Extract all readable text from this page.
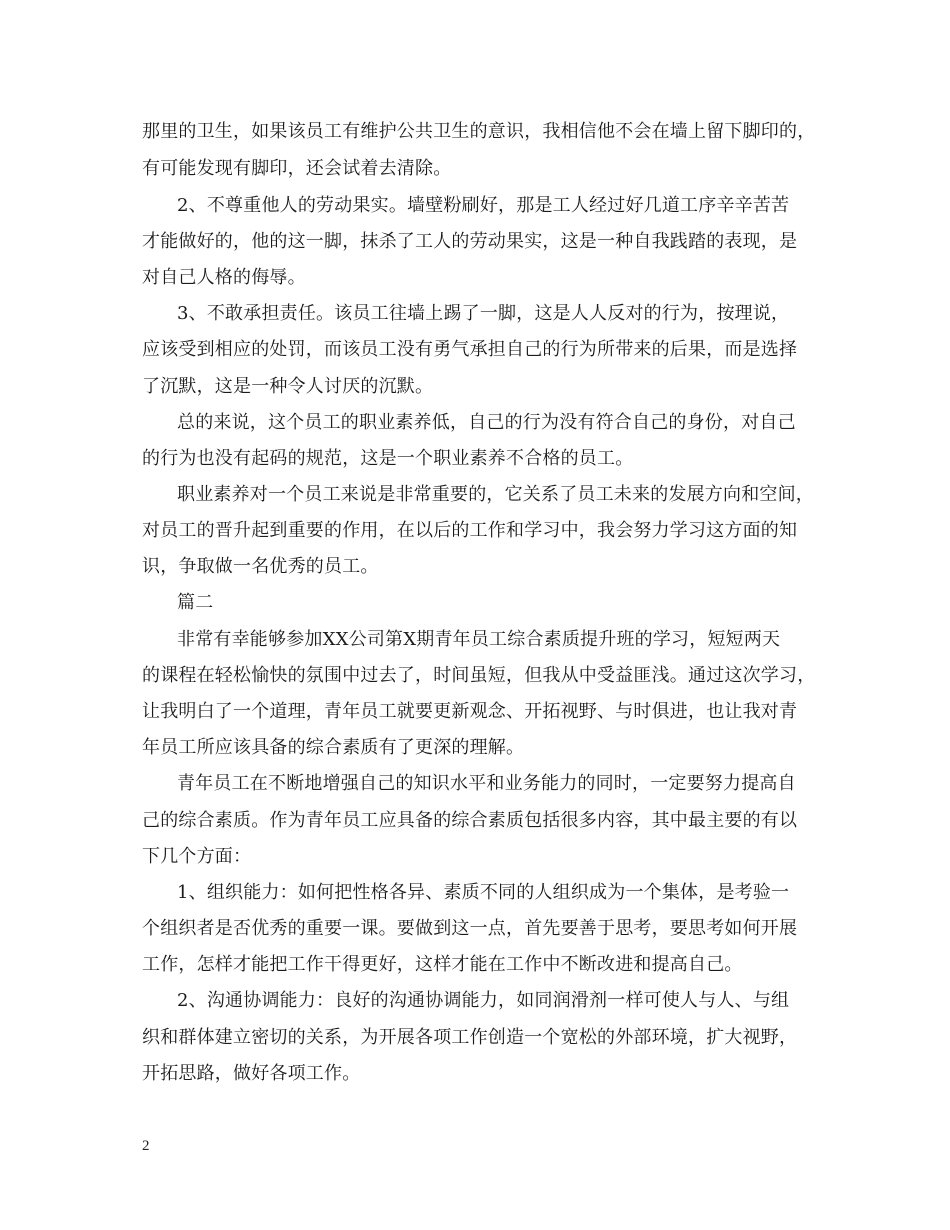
那里的卫生，如果该员工有维护公共卫生的意识，我相信他不会在墙上留下脚印的，
有可能发现有脚印，还会试着去清除。
2、不尊重他人的劳动果实。墙壁粉刷好，那是工人经过好几道工序辛辛苦苦
才能做好的，他的这一脚，抹杀了工人的劳动果实，这是一种自我践踏的表现，是
对自己人格的侮辱。
3、不敢承担责任。该员工往墙上踢了一脚，这是人人反对的行为，按理说，
应该受到相应的处罚，而该员工没有勇气承担自己的行为所带来的后果，而是选择
了沉默，这是一种令人讨厌的沉默。
总的来说，这个员工的职业素养低，自己的行为没有符合自己的身份，对自己
的行为也没有起码的规范，这是一个职业素养不合格的员工。
职业素养对一个员工来说是非常重要的，它关系了员工未来的发展方向和空间，
对员工的晋升起到重要的作用，在以后的工作和学习中，我会努力学习这方面的知
识，争取做一名优秀的员工。
篇二
非常有幸能够参加XX公司第X期青年员工综合素质提升班的学习，短短两天
的课程在轻松愉快的氛围中过去了，时间虽短，但我从中受益匪浅。通过这次学习，
让我明白了一个道理，青年员工就要更新观念、开拓视野、与时俱进，也让我对青
年员工所应该具备的综合素质有了更深的理解。
青年员工在不断地增强自己的知识水平和业务能力的同时，一定要努力提高自
己的综合素质。作为青年员工应具备的综合素质包括很多内容，其中最主要的有以
下几个方面：
1、组织能力：如何把性格各异、素质不同的人组织成为一个集体，是考验一
个组织者是否优秀的重要一课。要做到这一点，首先要善于思考，要思考如何开展
工作，怎样才能把工作干得更好，这样才能在工作中不断改进和提高自己。
2、沟通协调能力：良好的沟通协调能力，如同润滑剂一样可使人与人、与组
织和群体建立密切的关系，为开展各项工作创造一个宽松的外部环境，扩大视野，
开拓思路，做好各项工作。
2
